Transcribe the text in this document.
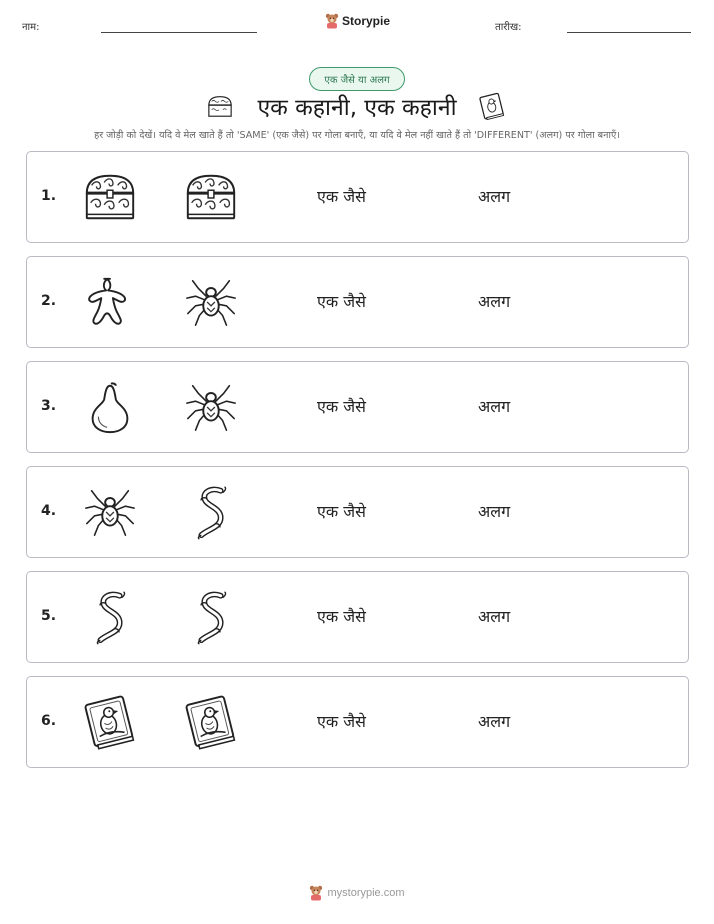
नाम:	Storypie	तारीख:
एक जैसे या अलग
एक कहानी, एक कहानी
हर जोड़ी को देखें। यदि वे मेल खाते हैं तो 'SAME' (एक जैसे) पर गोला बनाएँ, या यदि वे मेल नहीं खाते हैं तो 'DIFFERENT' (अलग) पर गोला बनाएँ।
1.	एक जैसे	अलग
2.	एक जैसे	अलग
3.	एक जैसे	अलग
4.	एक जैसे	अलग
5.	एक जैसे	अलग
6.	एक जैसे	अलग
mystorypie.com
